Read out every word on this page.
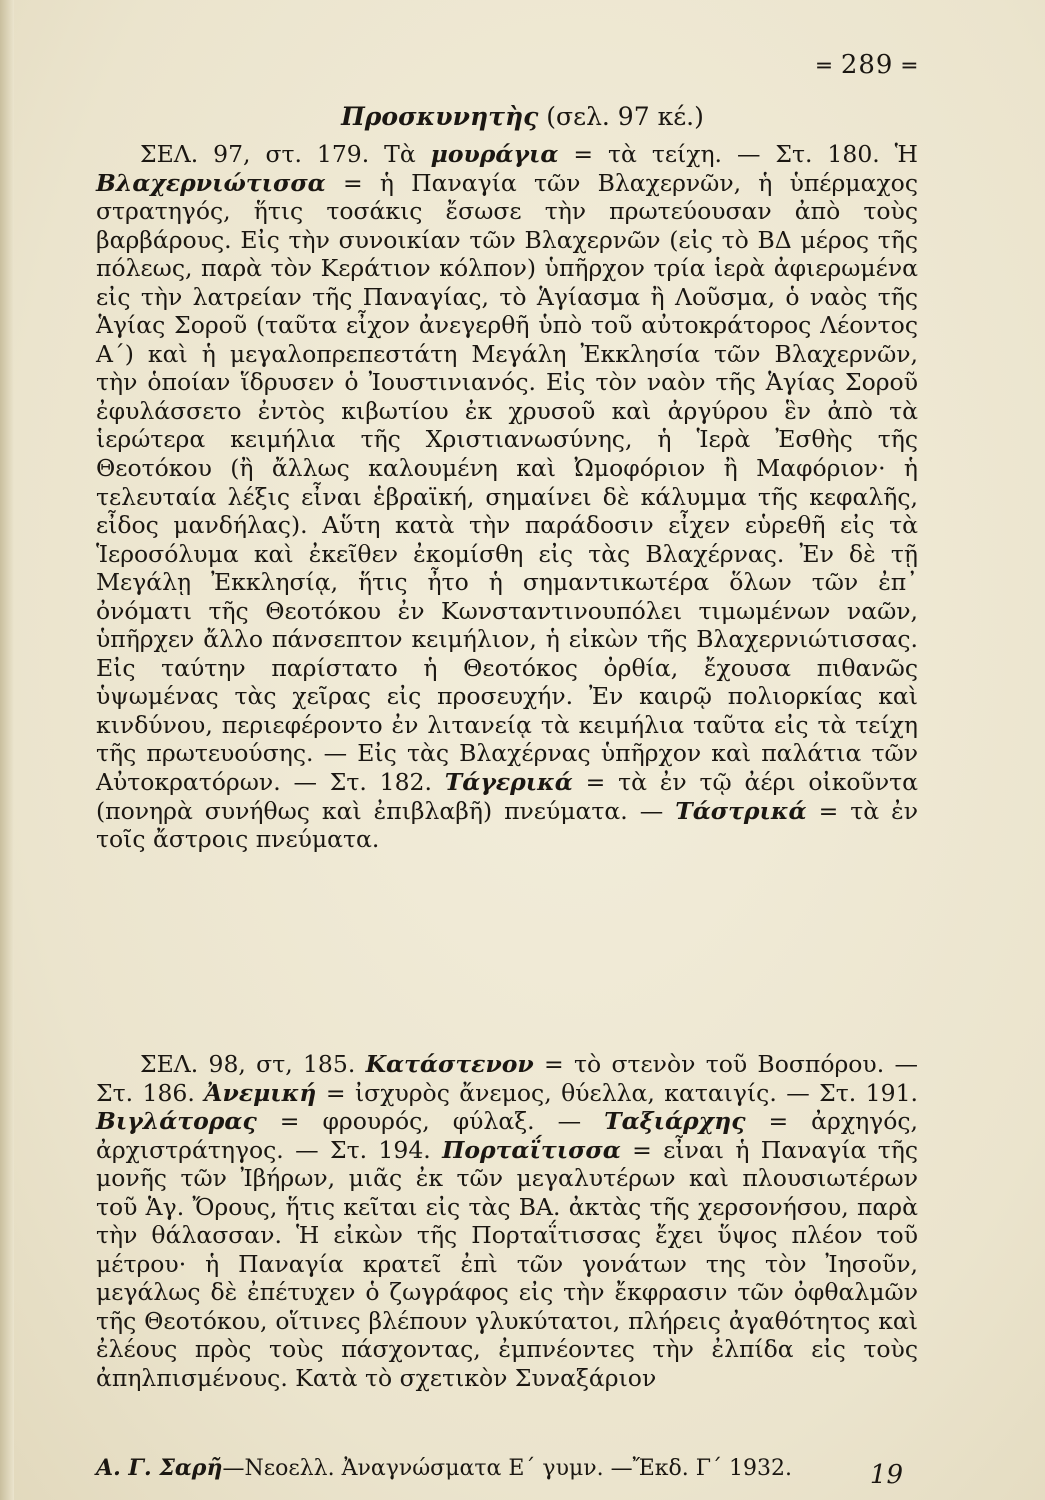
═ 289 ═
Προσκυνητὴς (σελ. 97 κέ.)
ΣΕΛ. 97, στ. 179. Τὰ μουράγια = τὰ τείχη. — Στ. 180. Ἡ Βλαχερνιώτισσα = ἡ Παναγία τῶν Βλαχερνῶν, ἡ ὑπέρμαχος στρατηγός, ἥτις τοσάκις ἔσωσε τὴν πρωτεύουσαν ἀπὸ τοὺς βαρβάρους. Εἰς τὴν συνοικίαν τῶν Βλαχερνῶν (εἰς τὸ ΒΔ μέρος τῆς πόλεως, παρὰ τὸν Κεράτιον κόλπον) ὑπῆρχον τρία ἱερὰ ἀφιερωμένα εἰς τὴν λατρείαν τῆς Παναγίας, τὸ Ἁγίασμα ἢ Λοῦσμα, ὁ ναὸς τῆς Ἁγίας Σοροῦ (ταῦτα εἶχον ἀνεγερθῆ ὑπὸ τοῦ αὐτοκράτορος Λέοντος Α΄) καὶ ἡ μεγαλοπρεπεστάτη Μεγάλη Ἐκκλησία τῶν Βλαχερνῶν, τὴν ὁποίαν ἵδρυσεν ὁ Ἰουστινιανός. Εἰς τὸν ναὸν τῆς Ἁγίας Σοροῦ ἐφυλάσσετο ἐντὸς κιβωτίου ἐκ χρυσοῦ καὶ ἀργύρου ἓν ἀπὸ τὰ ἱερώτερα κειμήλια τῆς Χριστιανωσύνης, ἡ Ἱερὰ Ἐσθὴς τῆς Θεοτόκου (ἢ ἄλλως καλουμένη καὶ Ὠμοφόριον ἢ Μαφόριον· ἡ τελευταία λέξις εἶναι ἑβραϊκή, σημαίνει δὲ κάλυμμα τῆς κεφαλῆς, εἶδος μανδήλας). Αὕτη κατὰ τὴν παράδοσιν εἶχεν εὑρεθῆ εἰς τὰ Ἱεροσόλυμα καὶ ἐκεῖθεν ἐκομίσθη εἰς τὰς Βλαχέρνας. Ἐν δὲ τῇ Μεγάλῃ Ἐκκλησίᾳ, ἥτις ἦτο ἡ σημαντικωτέρα ὅλων τῶν ἐπ᾽ ὀνόματι τῆς Θεοτόκου ἐν Κωνσταντινουπόλει τιμωμένων ναῶν, ὑπῆρχεν ἄλλο πάνσεπτον κειμήλιον, ἡ εἰκὼν τῆς Βλαχερνιώτισσας. Εἰς ταύτην παρίστατο ἡ Θεοτόκος ὀρθία, ἔχουσα πιθανῶς ὑψωμένας τὰς χεῖρας εἰς προσευχήν. Ἐν καιρῷ πολιορκίας καὶ κινδύνου, περιεφέροντο ἐν λιτανείᾳ τὰ κειμήλια ταῦτα εἰς τὰ τείχη τῆς πρωτευούσης. — Εἰς τὰς Βλαχέρνας ὑπῆρχον καὶ παλάτια τῶν Αὐτοκρατόρων. — Στ. 182. Τάγερικά = τὰ ἐν τῷ ἀέρι οἰκοῦντα (πονηρὰ συνήθως καὶ ἐπιβλαβῆ) πνεύματα. — Τάστρικά = τὰ ἐν τοῖς ἄστροις πνεύματα.
ΣΕΛ. 98, στ, 185. Κατάστενον = τὸ στενὸν τοῦ Βοσπόρου. — Στ. 186. Ἀνεμική = ἰσχυρὸς ἄνεμος, θύελλα, καταιγίς. — Στ. 191. Βιγλάτορας = φρουρός, φύλαξ. — Ταξιάρχης = ἀρχηγός, ἀρχιστράτηγος. — Στ. 194. Πορταΐτισσα = εἶναι ἡ Παναγία τῆς μονῆς τῶν Ἰβήρων, μιᾶς ἐκ τῶν μεγαλυτέρων καὶ πλουσιωτέρων τοῦ Ἁγ. Ὄρους, ἥτις κεῖται εἰς τὰς ΒΑ. ἀκτὰς τῆς χερσονήσου, παρὰ τὴν θάλασσαν. Ἡ εἰκὼν τῆς Πορταΐτισσας ἔχει ὕψος πλέον τοῦ μέτρου· ἡ Παναγία κρατεῖ ἐπὶ τῶν γονάτων της τὸν Ἰησοῦν, μεγάλως δὲ ἐπέτυχεν ὁ ζωγράφος εἰς τὴν ἔκφρασιν τῶν ὀφθαλμῶν τῆς Θεοτόκου, οἵτινες βλέπουν γλυκύτατοι, πλήρεις ἀγαθότητος καὶ ἐλέους πρὸς τοὺς πάσχοντας, ἐμπνέοντες τὴν ἐλπίδα εἰς τοὺς ἀπηλπισμένους. Κατὰ τὸ σχετικὸν Συναξάριον
Α. Γ. Σαρῆ—Νεοελλ. Ἀναγνώσματα Ε΄ γυμν. —Ἔκδ. Γ΄ 1932.	19
